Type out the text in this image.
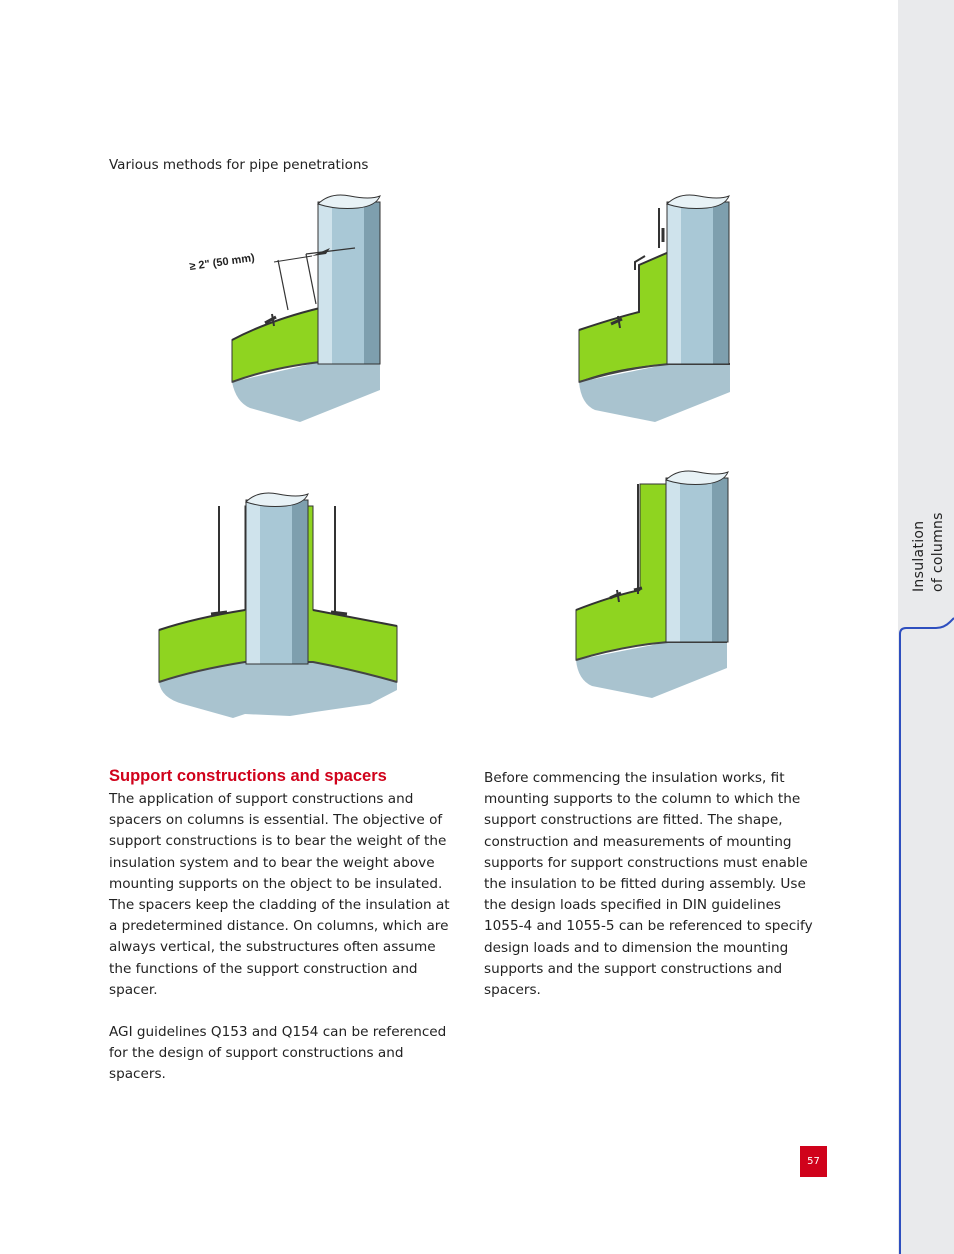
Insulation of columns
Various methods for pipe penetrations
≥ 2" (50 mm)
Support constructions and spacers

The application of support constructions and spacers on columns is essential. The objective of support constructions is to bear the weight of the insulation system and to bear the weight above mounting supports on the object to be insulated. The spacers keep the cladding of the insulation at a predetermined distance. On columns, which are always vertical, the substructures often assume the functions of the support construction and spacer.

AGI guidelines Q153 and Q154 can be referenced for the design of support constructions and spacers.

Before commencing the insulation works, fit mounting supports to the column to which the support constructions are fitted. The shape, construction and measurements of mounting supports for support constructions must enable the insulation to be fitted during assembly. Use the design loads specified in DIN guidelines 1055-4 and 1055-5 can be referenced to specify design loads and to dimension the mounting supports and the support constructions and spacers.

57
